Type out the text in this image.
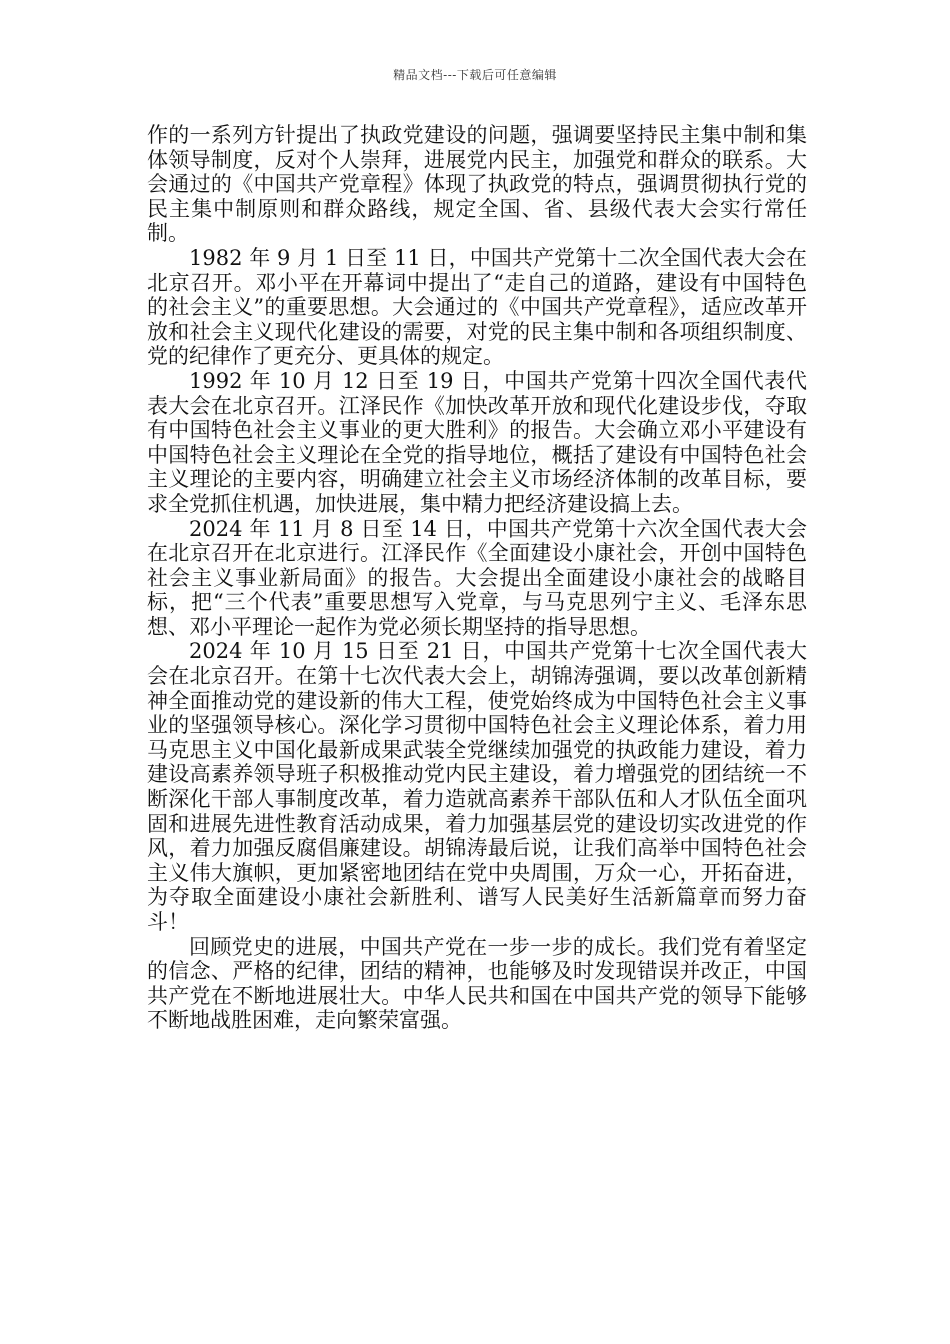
精品文档---下载后可任意编辑

作的一系列方针提出了执政党建设的问题，强调要坚持民主集中制和集体领导制度，反对个人崇拜，进展党内民主，加强党和群众的联系。大会通过的《中国共产党章程》体现了执政党的特点，强调贯彻执行党的民主集中制原则和群众路线，规定全国、省、县级代表大会实行常任制。

1982 年 9 月 1 日至 11 日，中国共产党第十二次全国代表大会在北京召开。邓小平在开幕词中提出了“走自己的道路，建设有中国特色的社会主义”的重要思想。大会通过的《中国共产党章程》，适应改革开放和社会主义现代化建设的需要，对党的民主集中制和各项组织制度、党的纪律作了更充分、更具体的规定。

1992 年 10 月 12 日至 19 日，中国共产党第十四次全国代表代表大会在北京召开。江泽民作《加快改革开放和现代化建设步伐，夺取有中国特色社会主义事业的更大胜利》的报告。大会确立邓小平建设有中国特色社会主义理论在全党的指导地位，概括了建设有中国特色社会主义理论的主要内容，明确建立社会主义市场经济体制的改革目标，要求全党抓住机遇，加快进展，集中精力把经济建设搞上去。

2024 年 11 月 8 日至 14 日，中国共产党第十六次全国代表大会在北京召开在北京进行。江泽民作《全面建设小康社会，开创中国特色社会主义事业新局面》的报告。大会提出全面建设小康社会的战略目标，把“三个代表”重要思想写入党章，与马克思列宁主义、毛泽东思想、邓小平理论一起作为党必须长期坚持的指导思想。

2024 年 10 月 15 日至 21 日，中国共产党第十七次全国代表大会在北京召开。在第十七次代表大会上，胡锦涛强调，要以改革创新精神全面推动党的建设新的伟大工程，使党始终成为中国特色社会主义事业的坚强领导核心。深化学习贯彻中国特色社会主义理论体系，着力用马克思主义中国化最新成果武装全党继续加强党的执政能力建设，着力建设高素养领导班子积极推动党内民主建设，着力增强党的团结统一不断深化干部人事制度改革，着力造就高素养干部队伍和人才队伍全面巩固和进展先进性教育活动成果，着力加强基层党的建设切实改进党的作风，着力加强反腐倡廉建设。胡锦涛最后说，让我们高举中国特色社会主义伟大旗帜，更加紧密地团结在党中央周围，万众一心，开拓奋进，为夺取全面建设小康社会新胜利、谱写人民美好生活新篇章而努力奋斗！

回顾党史的进展，中国共产党在一步一步的成长。我们党有着坚定的信念、严格的纪律，团结的精神，也能够及时发现错误并改正，中国共产党在不断地进展壮大。中华人民共和国在中国共产党的领导下能够不断地战胜困难，走向繁荣富强。
